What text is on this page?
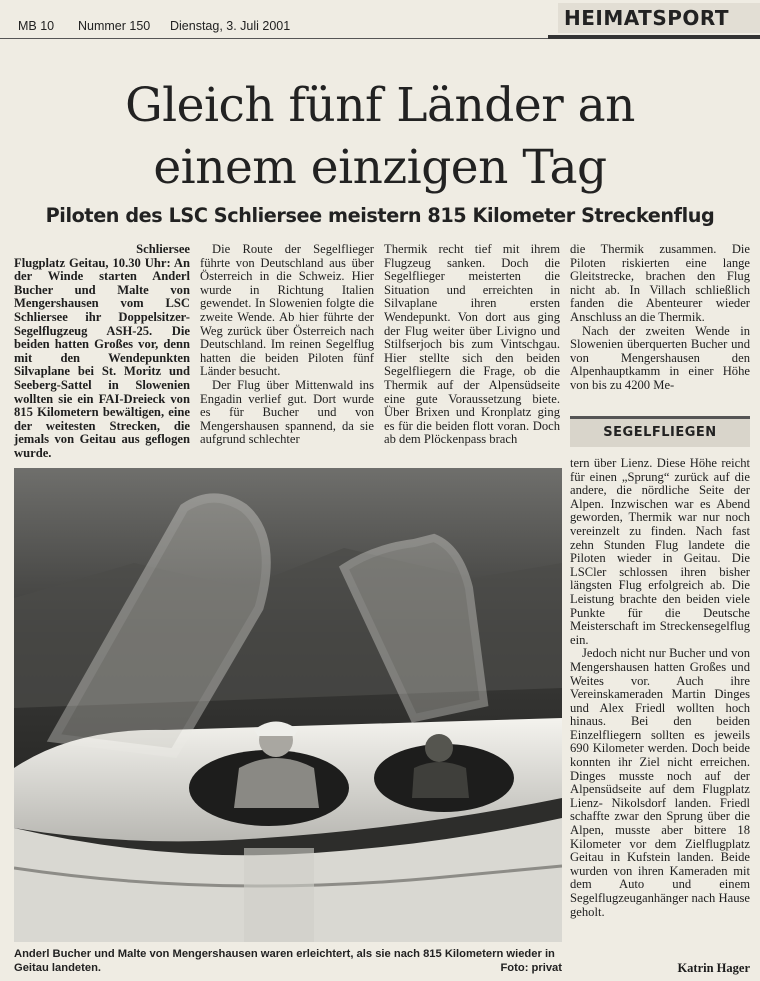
MB 10 Nummer 150 Dienstag, 3. Juli 2001	HEIMATSPORT
Gleich fünf Länder an
einem einzigen Tag
Piloten des LSC Schliersee meistern 815 Kilometer Streckenflug
Schliersee
Flugplatz Geitau, 10.30 Uhr: An der Winde starten Anderl Bucher und Malte von Mengershausen vom LSC Schliersee ihr Doppelsitzer-Segelflugzeug ASH-25. Die beiden hatten Großes vor, denn mit den Wendepunkten Silvaplane bei St. Moritz und Seeberg-Sattel in Slowenien wollten sie ein FAI-Dreieck von 815 Kilometern bewältigen, eine der weitesten Strecken, die jemals von Geitau aus geflogen wurde.
Die Route der Segelflieger führte von Deutschland aus über Österreich in die Schweiz. Hier wurde in Richtung Italien gewendet. In Slowenien folgte die zweite Wende. Ab hier führte der Weg zurück über Österreich nach Deutschland. Im reinen Segelflug hatten die beiden Piloten fünf Länder besucht.
Der Flug über Mittenwald ins Engadin verlief gut. Dort wurde es für Bucher und von Mengershausen spannend, da sie aufgrund schlechter
Thermik recht tief mit ihrem Flugzeug sanken. Doch die Segelflieger meisterten die Situation und erreichten in Silvaplane ihren ersten Wendepunkt. Von dort aus ging der Flug weiter über Livigno und Stilfserjoch bis zum Vintschgau. Hier stellte sich den beiden Segelfliegern die Frage, ob die Thermik auf der Alpensüdseite eine gute Voraussetzung biete. Über Brixen und Kronplatz ging es für die beiden flott voran. Doch ab dem Plöckenpass brach
die Thermik zusammen. Die Piloten riskierten eine lange Gleitstrecke, brachen den Flug nicht ab. In Villach schließlich fanden die Abenteurer wieder Anschluss an die Thermik.
Nach der zweiten Wende in Slowenien überquerten Bucher und von Mengershausen den Alpenhauptkamm in einer Höhe von bis zu 4200 Me-
SEGELFLIEGEN
tern über Lienz. Diese Höhe reicht für einen „Sprung“ zurück auf die andere, die nördliche Seite der Alpen. Inzwischen war es Abend geworden, Thermik war nur noch vereinzelt zu finden. Nach fast zehn Stunden Flug landete die Piloten wieder in Geitau. Die LSCler schlossen ihren bisher längsten Flug erfolgreich ab. Die Leistung brachte den beiden viele Punkte für die Deutsche Meisterschaft im Streckensegelflug ein.
Jedoch nicht nur Bucher und von Mengershausen hatten Großes und Weites vor. Auch ihre Vereinskameraden Martin Dinges und Alex Friedl wollten hoch hinaus. Bei den beiden Einzelfliegern sollten es jeweils 690 Kilometer werden. Doch beide konnten ihr Ziel nicht erreichen. Dinges musste noch auf der Alpensüdseite auf dem Flugplatz Lienz- Nikolsdorf landen. Friedl schaffte zwar den Sprung über die Alpen, musste aber bittere 18 Kilometer vor dem Zielflugplatz Geitau in Kufstein landen. Beide wurden von ihren Kameraden mit dem Auto und einem Segelflugzeuganhänger nach Hause geholt.
Anderl Bucher und Malte von Mengershausen waren erleichtert, als sie nach 815 Kilometern wieder in Geitau landeten.	Foto: privat	Katrin Hager
